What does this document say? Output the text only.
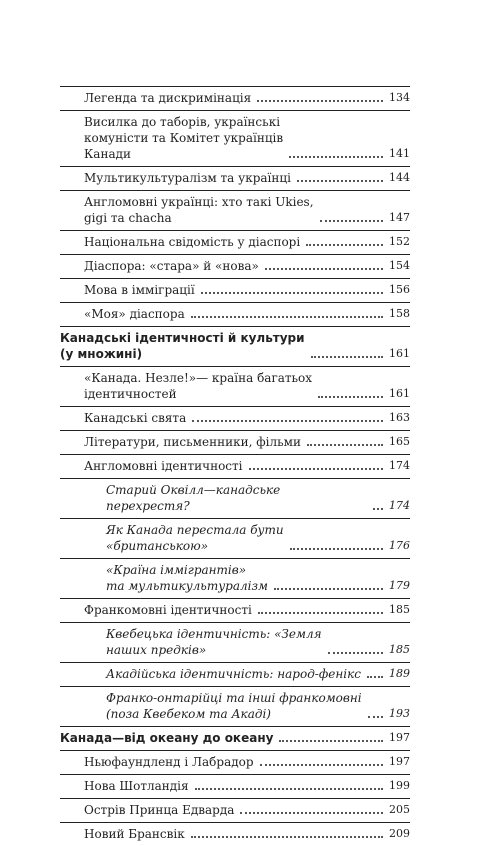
Легенда та дискримінація	134
Висилка до таборів, українські
комуністи та Комітет українців
Канади	141
Мультикультуралізм та українці	144
Англомовні українці: хто такі Ukies,
gigi та chacha	147
Національна свідомість у діаспорі	152
Діаспора: «стара» й «нова»	154
Мова в імміграції	156
«Моя» діаспора	158
Канадські ідентичності й культури
(у множині)	161
«Канада. Незле!»— країна багатьох
ідентичностей	161
Канадські свята	163
Літератури, письменники, фільми	165
Англомовні ідентичності	174
Старий Оквілл—канадське перехрестя?	174
Як Канада перестала бути
«британською»	176
«Країна іммігрантів»
та мультикультуралізм	179
Франкомовні ідентичності	185
Квебецька ідентичність: «Земля
наших предків»	185
Акадійська ідентичність: народ-фенікс	189
Франко-онтарійці та інші франкомовні
(поза Квебеком та Акаді)	193
Канада—від океану до океану	197
Ньюфаундленд і Лабрадор	197
Нова Шотландія	199
Острів Принца Едварда	205
Новий Брансвік	209
